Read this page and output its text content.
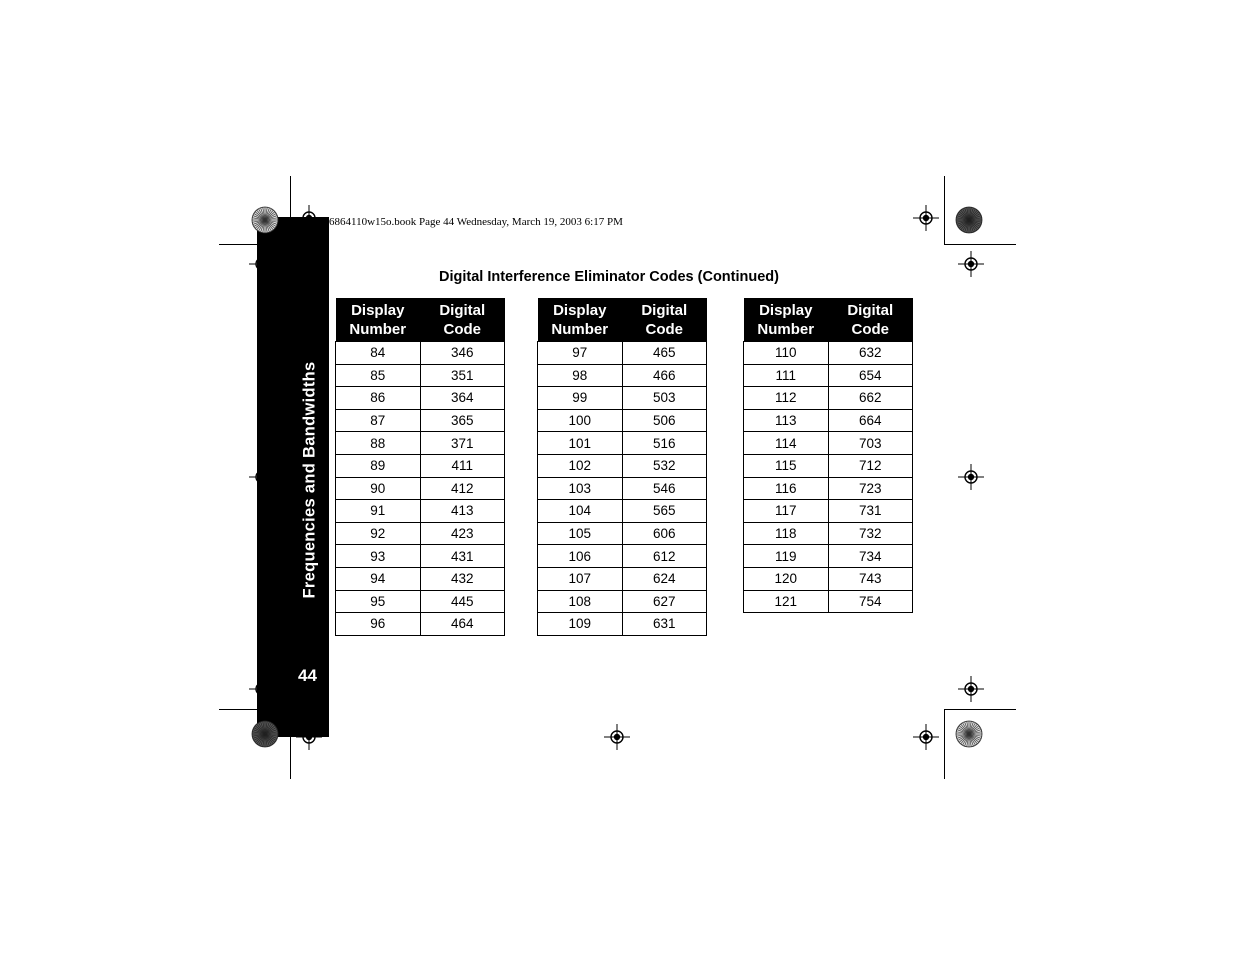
Frequencies and Bandwidths
44
6864110w15o.book Page 44 Wednesday, March 19, 2003 6:17 PM
Digital Interference Eliminator Codes (Continued)
Display
Number	Digital
Code
84	346
85	351
86	364
87	365
88	371
89	411
90	412
91	413
92	423
93	431
94	432
95	445
96	464
Display
Number	Digital
Code
97	465
98	466
99	503
100	506
101	516
102	532
103	546
104	565
105	606
106	612
107	624
108	627
109	631
Display
Number	Digital
Code
110	632
111	654
112	662
113	664
114	703
115	712
116	723
117	731
118	732
119	734
120	743
121	754
